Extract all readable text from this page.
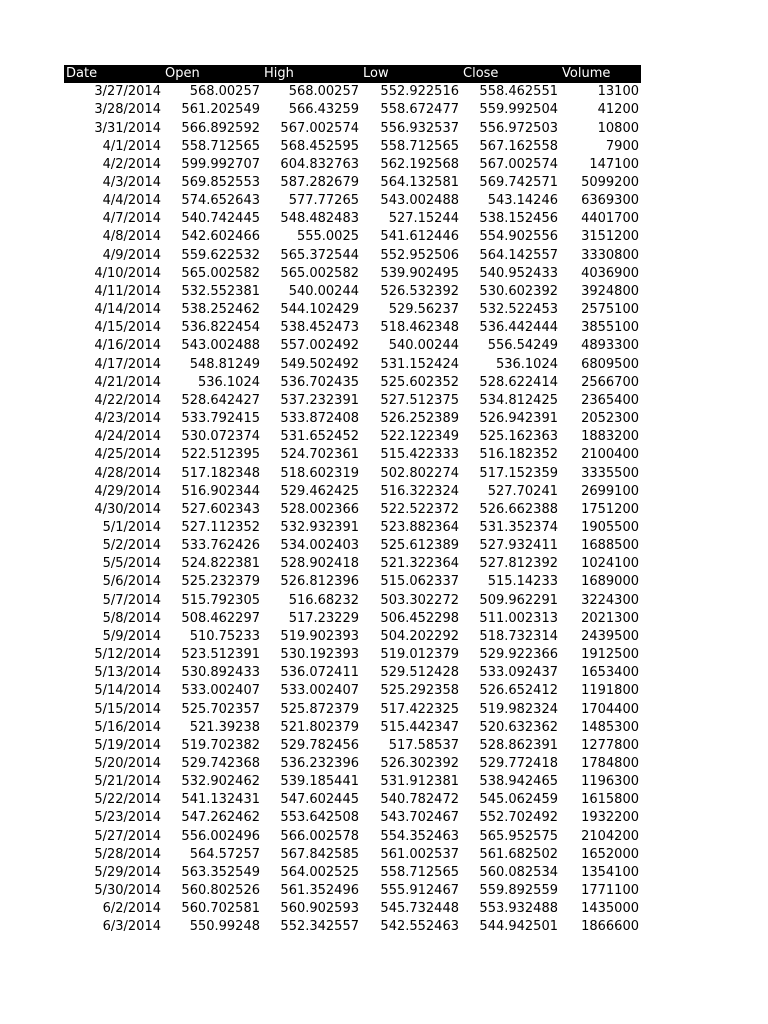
Date	Open	High	Low	Close	Volume
3/27/2014	568.00257	568.00257	552.922516	558.462551	13100
3/28/2014	561.202549	566.43259	558.672477	559.992504	41200
3/31/2014	566.892592	567.002574	556.932537	556.972503	10800
4/1/2014	558.712565	568.452595	558.712565	567.162558	7900
4/2/2014	599.992707	604.832763	562.192568	567.002574	147100
4/3/2014	569.852553	587.282679	564.132581	569.742571	5099200
4/4/2014	574.652643	577.77265	543.002488	543.14246	6369300
4/7/2014	540.742445	548.482483	527.15244	538.152456	4401700
4/8/2014	542.602466	555.0025	541.612446	554.902556	3151200
4/9/2014	559.622532	565.372544	552.952506	564.142557	3330800
4/10/2014	565.002582	565.002582	539.902495	540.952433	4036900
4/11/2014	532.552381	540.00244	526.532392	530.602392	3924800
4/14/2014	538.252462	544.102429	529.56237	532.522453	2575100
4/15/2014	536.822454	538.452473	518.462348	536.442444	3855100
4/16/2014	543.002488	557.002492	540.00244	556.54249	4893300
4/17/2014	548.81249	549.502492	531.152424	536.1024	6809500
4/21/2014	536.1024	536.702435	525.602352	528.622414	2566700
4/22/2014	528.642427	537.232391	527.512375	534.812425	2365400
4/23/2014	533.792415	533.872408	526.252389	526.942391	2052300
4/24/2014	530.072374	531.652452	522.122349	525.162363	1883200
4/25/2014	522.512395	524.702361	515.422333	516.182352	2100400
4/28/2014	517.182348	518.602319	502.802274	517.152359	3335500
4/29/2014	516.902344	529.462425	516.322324	527.70241	2699100
4/30/2014	527.602343	528.002366	522.522372	526.662388	1751200
5/1/2014	527.112352	532.932391	523.882364	531.352374	1905500
5/2/2014	533.762426	534.002403	525.612389	527.932411	1688500
5/5/2014	524.822381	528.902418	521.322364	527.812392	1024100
5/6/2014	525.232379	526.812396	515.062337	515.14233	1689000
5/7/2014	515.792305	516.68232	503.302272	509.962291	3224300
5/8/2014	508.462297	517.23229	506.452298	511.002313	2021300
5/9/2014	510.75233	519.902393	504.202292	518.732314	2439500
5/12/2014	523.512391	530.192393	519.012379	529.922366	1912500
5/13/2014	530.892433	536.072411	529.512428	533.092437	1653400
5/14/2014	533.002407	533.002407	525.292358	526.652412	1191800
5/15/2014	525.702357	525.872379	517.422325	519.982324	1704400
5/16/2014	521.39238	521.802379	515.442347	520.632362	1485300
5/19/2014	519.702382	529.782456	517.58537	528.862391	1277800
5/20/2014	529.742368	536.232396	526.302392	529.772418	1784800
5/21/2014	532.902462	539.185441	531.912381	538.942465	1196300
5/22/2014	541.132431	547.602445	540.782472	545.062459	1615800
5/23/2014	547.262462	553.642508	543.702467	552.702492	1932200
5/27/2014	556.002496	566.002578	554.352463	565.952575	2104200
5/28/2014	564.57257	567.842585	561.002537	561.682502	1652000
5/29/2014	563.352549	564.002525	558.712565	560.082534	1354100
5/30/2014	560.802526	561.352496	555.912467	559.892559	1771100
6/2/2014	560.702581	560.902593	545.732448	553.932488	1435000
6/3/2014	550.99248	552.342557	542.552463	544.942501	1866600
